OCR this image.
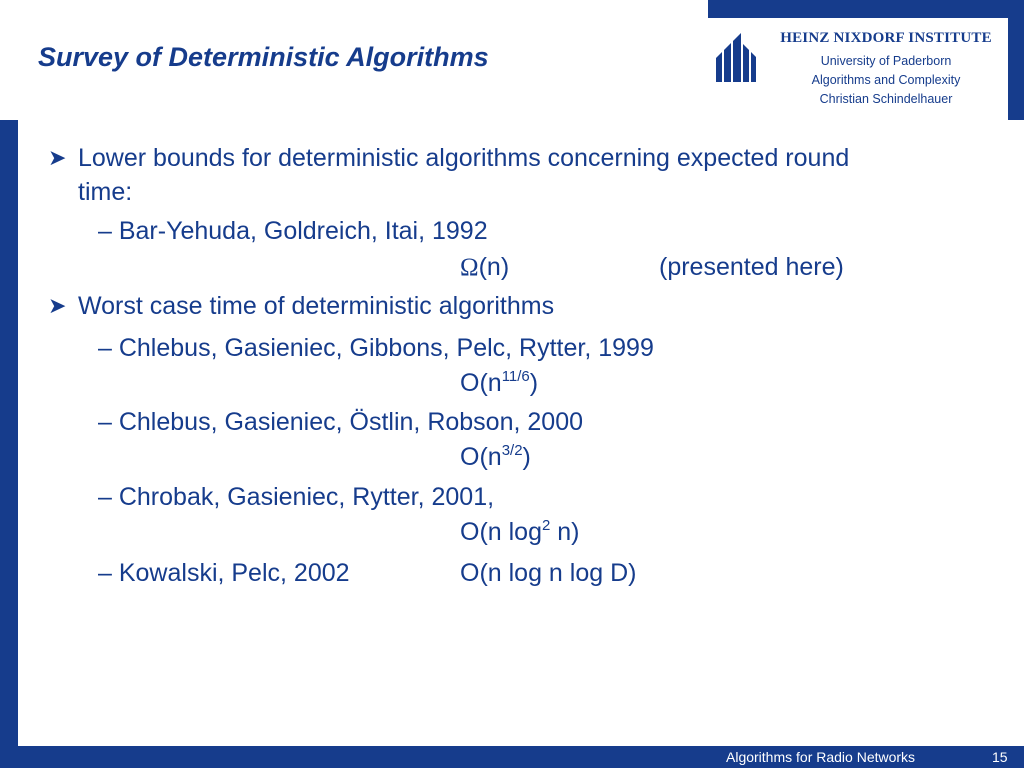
HEINZ NIXDORF INSTITUTE
University of Paderborn
Algorithms and Complexity
Christian Schindelhauer
Survey of Deterministic Algorithms
➤ Lower bounds for deterministic algorithms concerning expected round
time:
– Bar-Yehuda, Goldreich, Itai, 1992
Ω(n)	(presented here)
➤ Worst case time of deterministic algorithms
– Chlebus, Gasieniec, Gibbons, Pelc, Rytter, 1999
$O(n^{11/6})$
– Chlebus, Gasieniec, Östlin, Robson, 2000
$O(n^{3/2})$
– Chrobak, Gasieniec, Rytter, 2001,
O(n $\log^2 n$)
– Kowalski, Pelc, 2002	O(n log n log D)
Algorithms for Radio Networks	15
